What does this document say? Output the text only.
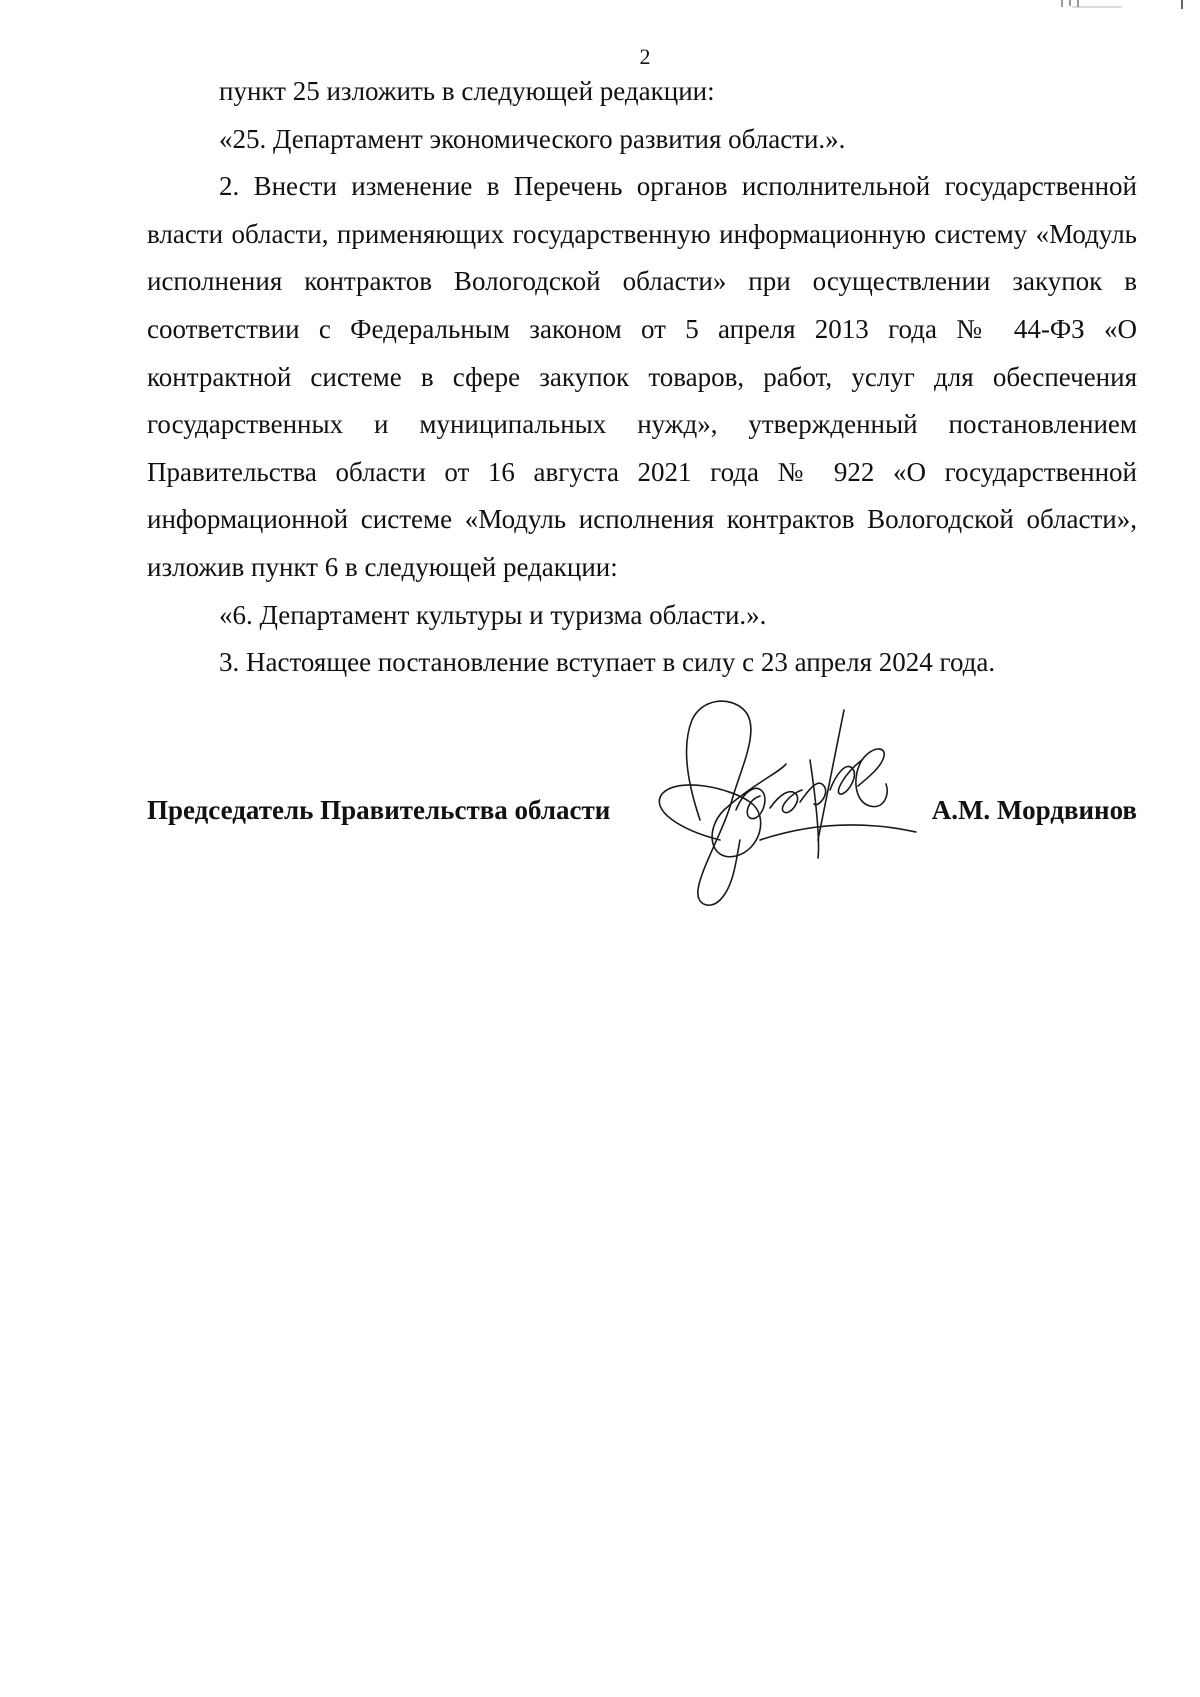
2

пункт 25 изложить в следующей редакции:

«25. Департамент экономического развития области.».

2. Внести изменение в Перечень органов исполнительной государственной власти области, применяющих государственную информационную систему «Модуль исполнения контрактов Вологодской области» при осуществлении закупок в соответствии с Федеральным законом от 5 апреля 2013 года № 44-ФЗ «О контрактной системе в сфере закупок товаров, работ, услуг для обеспечения государственных и муниципальных нужд», утвержденный постановлением Правительства области от 16 августа 2021 года № 922 «О государственной информационной системе «Модуль исполнения контрактов Вологодской области», изложив пункт 6 в следующей редакции:

«6. Департамент культуры и туризма области.».

3. Настоящее постановление вступает в силу с 23 апреля 2024 года.

Председатель Правительства области	А.М. Мордвинов
